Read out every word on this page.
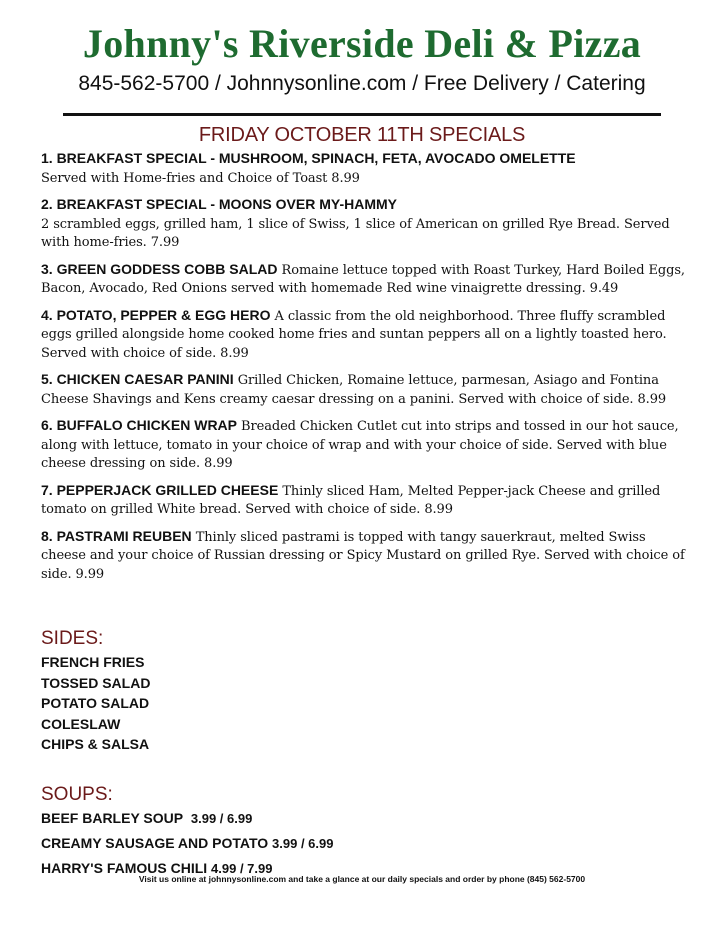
Johnny's Riverside Deli & Pizza
845-562-5700 / Johnnysonline.com / Free Delivery / Catering
FRIDAY OCTOBER 11TH SPECIALS
1. BREAKFAST SPECIAL - MUSHROOM, SPINACH, FETA, AVOCADO OMELETTE
Served with Home-fries and Choice of Toast 8.99
2. BREAKFAST SPECIAL - MOONS OVER MY-HAMMY
2 scrambled eggs, grilled ham, 1 slice of Swiss, 1 slice of American on grilled Rye Bread. Served with home-fries. 7.99
3. GREEN GODDESS COBB SALAD Romaine lettuce topped with Roast Turkey, Hard Boiled Eggs, Bacon, Avocado, Red Onions served with homemade Red wine vinaigrette dressing. 9.49
4. POTATO, PEPPER & EGG HERO A classic from the old neighborhood. Three fluffy scrambled eggs grilled alongside home cooked home fries and suntan peppers all on a lightly toasted hero. Served with choice of side. 8.99
5. CHICKEN CAESAR PANINI Grilled Chicken, Romaine lettuce, parmesan, Asiago and Fontina Cheese Shavings and Kens creamy caesar dressing on a panini. Served with choice of side. 8.99
6. BUFFALO CHICKEN WRAP Breaded Chicken Cutlet cut into strips and tossed in our hot sauce, along with lettuce, tomato in your choice of wrap and with your choice of side. Served with blue cheese dressing on side. 8.99
7. PEPPERJACK GRILLED CHEESE Thinly sliced Ham, Melted Pepper-jack Cheese and grilled tomato on grilled White bread. Served with choice of side. 8.99
8. PASTRAMI REUBEN Thinly sliced pastrami is topped with tangy sauerkraut, melted Swiss cheese and your choice of Russian dressing or Spicy Mustard on grilled Rye. Served with choice of side. 9.99
SIDES:
FRENCH FRIES
TOSSED SALAD
POTATO SALAD
COLESLAW
CHIPS & SALSA
SOUPS:
BEEF BARLEY SOUP 3.99 / 6.99
CREAMY SAUSAGE AND POTATO 3.99 / 6.99
HARRY'S FAMOUS CHILI 4.99 / 7.99
Visit us online at johnnysonline.com and take a glance at our daily specials and order by phone (845) 562-5700
